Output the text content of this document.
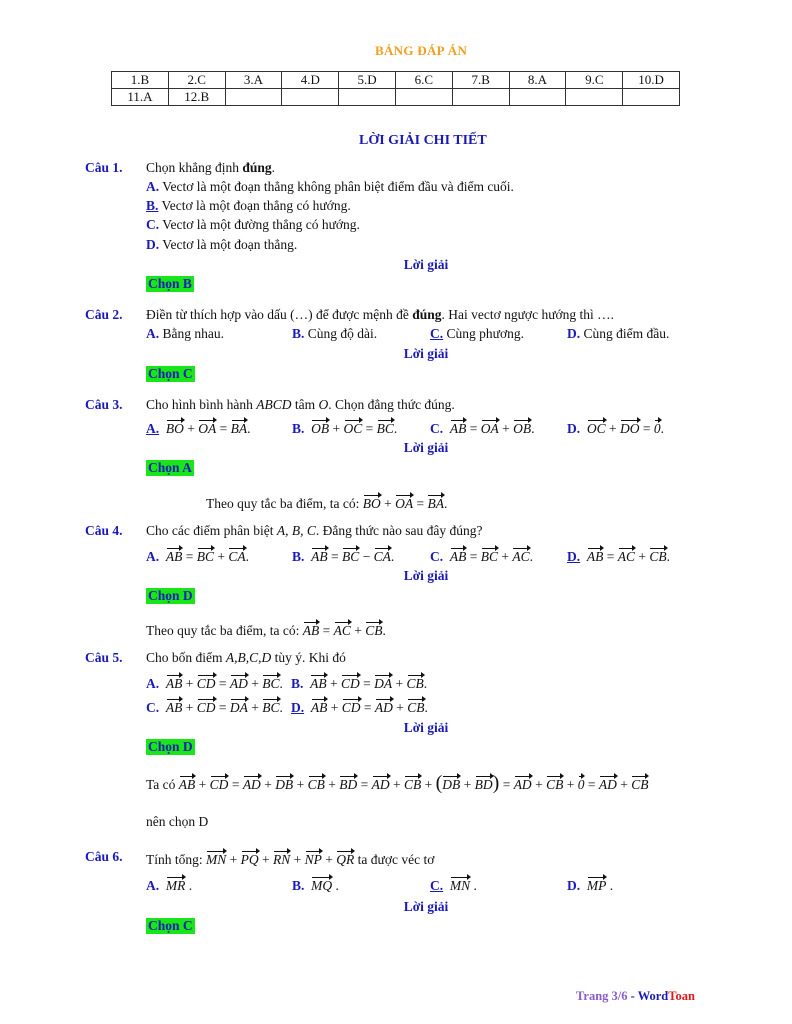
BẢNG ĐÁP ÁN
1.B	2.C	3.A	4.D	5.D	6.C	7.B	8.A	9.C	10.D
11.A	12.B								
LỜI GIẢI CHI TIẾT
Câu 1. Chọn khẳng định đúng.
A. Vectơ là một đoạn thẳng không phân biệt điểm đầu và điểm cuối.
B. Vectơ là một đoạn thẳng có hướng.
C. Vectơ là một đường thẳng có hướng.
D. Vectơ là một đoạn thẳng.
Lời giải
Chọn B
Câu 2. Điền từ thích hợp vào dấu (…) để được mệnh đề đúng. Hai vectơ ngược hướng thì ….
A. Bằng nhau.	B. Cùng độ dài.	C. Cùng phương.	D. Cùng điểm đầu.
Lời giải
Chọn C
Câu 3. Cho hình bình hành ABCD tâm O. Chọn đẳng thức đúng.
A. BO + OA = BA.	B. OB + OC = BC. C. AB = OA + OB. D. OC + DO = 0.
Lời giải
Chọn A
Theo quy tắc ba điểm, ta có: BO + OA = BA.
Câu 4. Cho các điểm phân biệt A, B, C. Đẳng thức nào sau đây đúng?
A. AB = BC + CA.	B. AB = BC − CA.	C. AB = BC + AC.	D. AB = AC + CB.
Lời giải
Chọn D
Theo quy tắc ba điểm, ta có: AB = AC + CB.
Câu 5. Cho bốn điểm A,B,C,D tùy ý. Khi đó
A. AB + CD = AD + BC. B. AB + CD = DA + CB.
C. AB + CD = DA + BC. D. AB + CD = AD + CB.
Lời giải
Chọn D
Ta có AB + CD = AD + DB + CB + BD = AD + CB + (DB + BD) = AD + CB + 0 = AD + CB
nên chọn D
Câu 6. Tính tổng: MN + PQ + RN + NP + QR ta được véc tơ
A. MR .	B. MQ .	C. MN .	D. MP .
Lời giải
Chọn C
Trang 3/6 - WordToan
